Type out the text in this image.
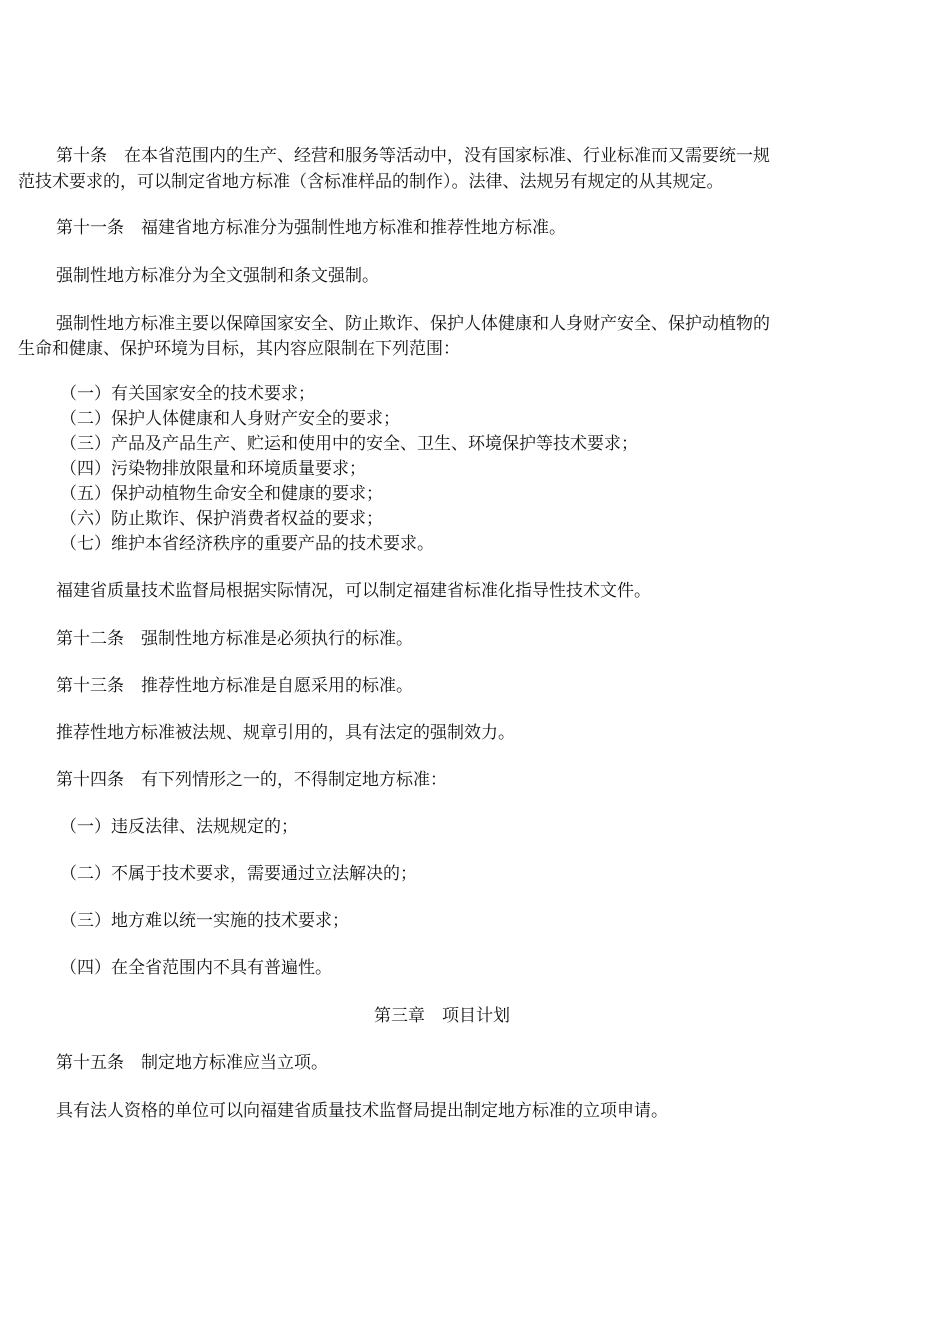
第十条　在本省范围内的生产、经营和服务等活动中，没有国家标准、行业标准而又需要统一规

范技术要求的，可以制定省地方标准（含标准样品的制作）。法律、法规另有规定的从其规定。

第十一条　福建省地方标准分为强制性地方标准和推荐性地方标准。

强制性地方标准分为全文强制和条文强制。

强制性地方标准主要以保障国家安全、防止欺诈、保护人体健康和人身财产安全、保护动植物的

生命和健康、保护环境为目标，其内容应限制在下列范围：

（一）有关国家安全的技术要求；
（二）保护人体健康和人身财产安全的要求；
（三）产品及产品生产、贮运和使用中的安全、卫生、环境保护等技术要求；
（四）污染物排放限量和环境质量要求；
（五）保护动植物生命安全和健康的要求；
（六）防止欺诈、保护消费者权益的要求；
（七）维护本省经济秩序的重要产品的技术要求。

福建省质量技术监督局根据实际情况，可以制定福建省标准化指导性技术文件。

第十二条　强制性地方标准是必须执行的标准。

第十三条　推荐性地方标准是自愿采用的标准。

推荐性地方标准被法规、规章引用的，具有法定的强制效力。

第十四条　有下列情形之一的，不得制定地方标准：

（一）违反法律、法规规定的；

（二）不属于技术要求，需要通过立法解决的；

（三）地方难以统一实施的技术要求；

（四）在全省范围内不具有普遍性。

第三章　项目计划

第十五条　制定地方标准应当立项。

具有法人资格的单位可以向福建省质量技术监督局提出制定地方标准的立项申请。
